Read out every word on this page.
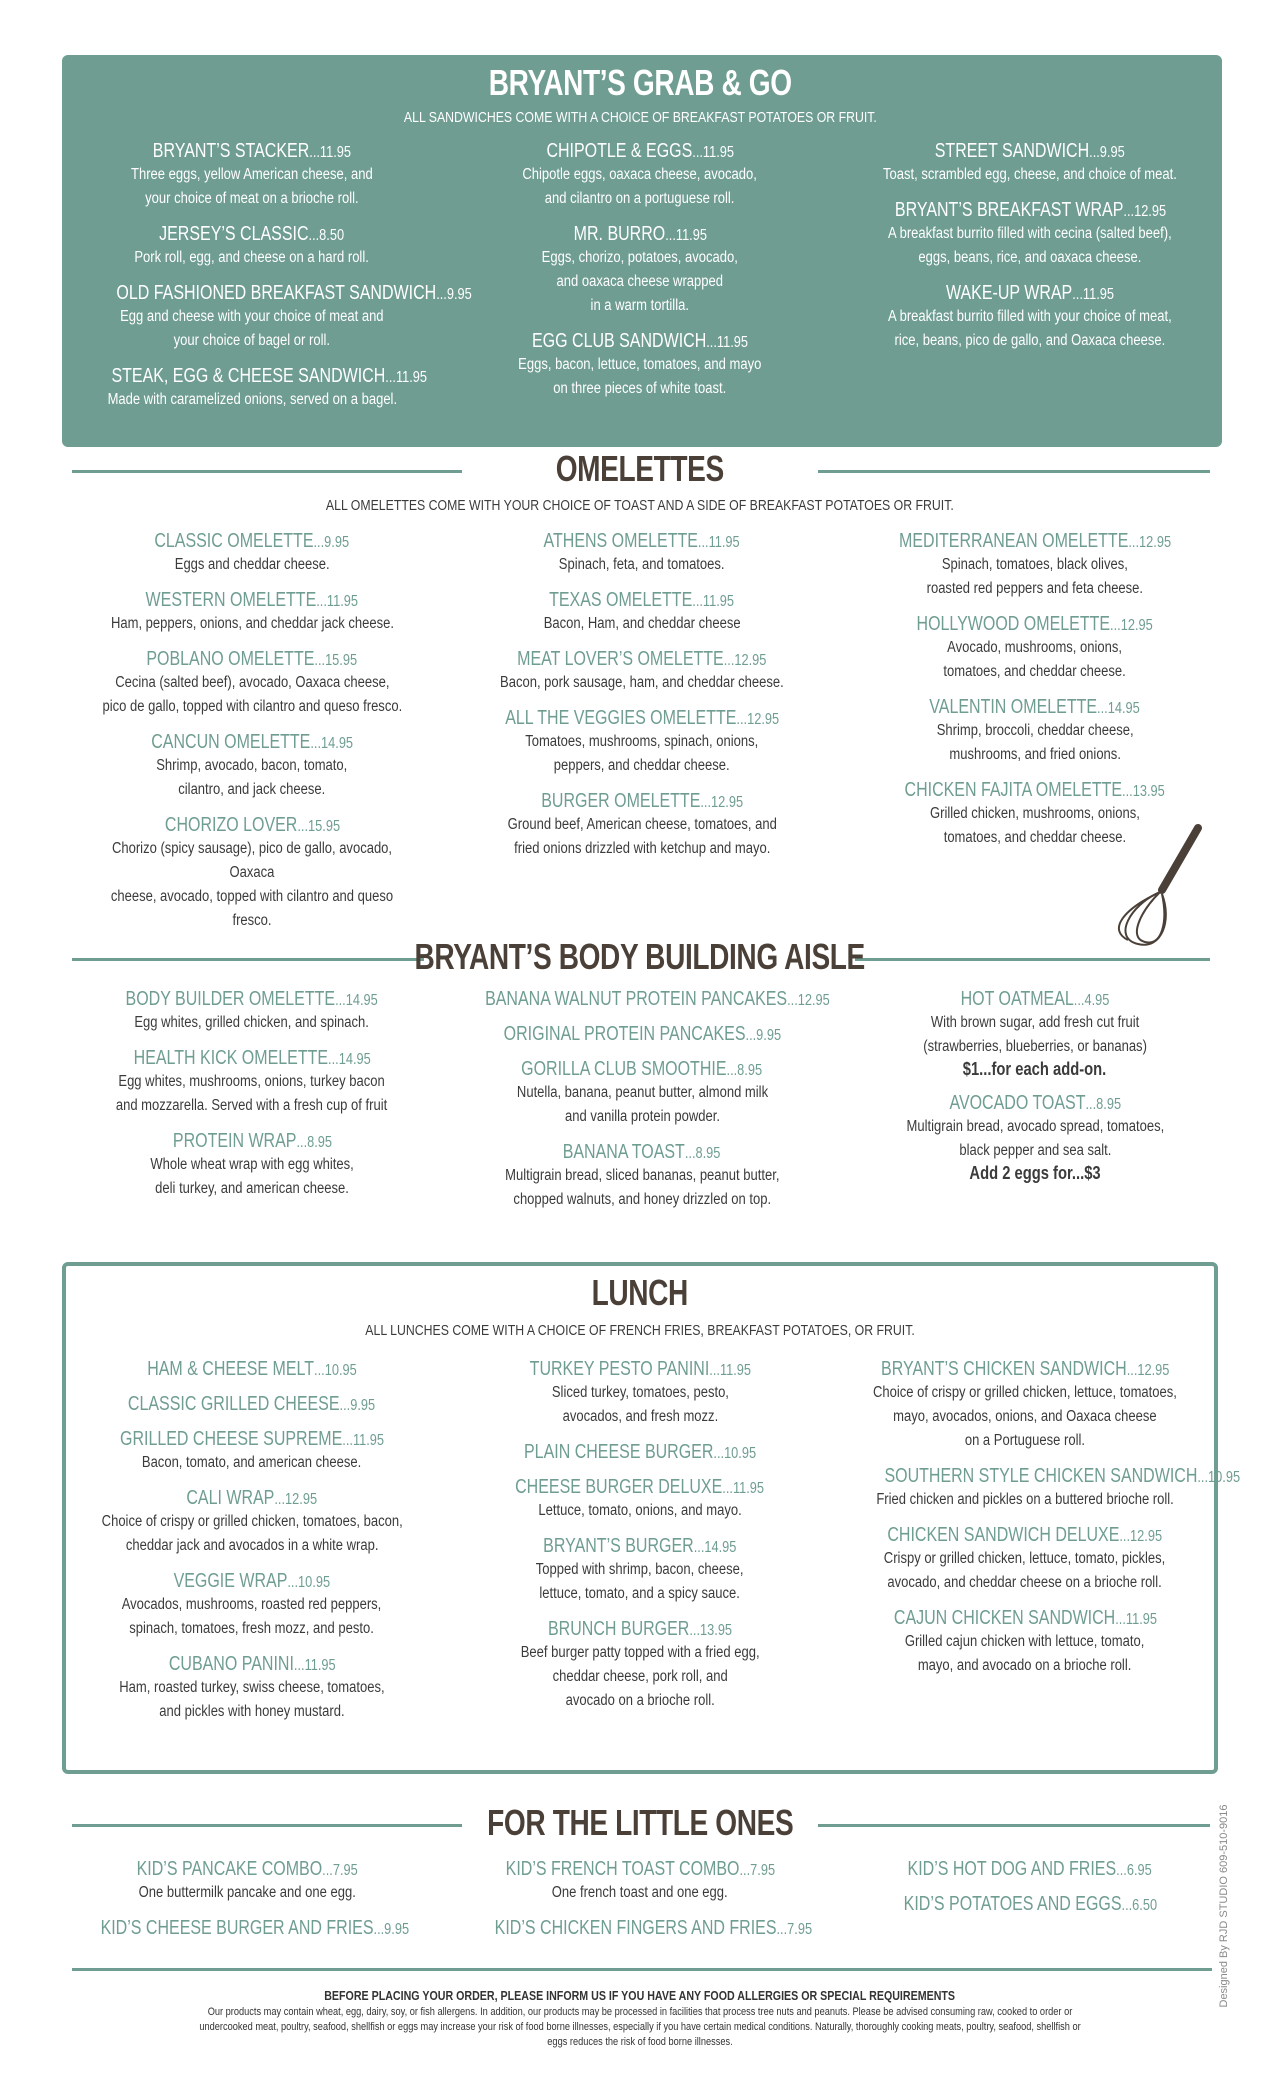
BRYANT’S GRAB & GO
ALL SANDWICHES COME WITH A CHOICE OF BREAKFAST POTATOES OR FRUIT.
BRYANT’S STACKER...11.95
Three eggs, yellow American cheese, and
your choice of meat on a brioche roll.
JERSEY’S CLASSIC...8.50
Pork roll, egg, and cheese on a hard roll.
OLD FASHIONED BREAKFAST SANDWICH...9.95
Egg and cheese with your choice of meat and
your choice of bagel or roll.
STEAK, EGG & CHEESE SANDWICH...11.95
Made with caramelized onions, served on a bagel.
CHIPOTLE & EGGS...11.95
Chipotle eggs, oaxaca cheese, avocado,
and cilantro on a portuguese roll.
MR. BURRO...11.95
Eggs, chorizo, potatoes, avocado,
and oaxaca cheese wrapped
in a warm tortilla.
EGG CLUB SANDWICH...11.95
Eggs, bacon, lettuce, tomatoes, and mayo
on three pieces of white toast.
STREET SANDWICH...9.95
Toast, scrambled egg, cheese, and choice of meat.
BRYANT’S BREAKFAST WRAP...12.95
A breakfast burrito filled with cecina (salted beef),
eggs, beans, rice, and oaxaca cheese.
WAKE-UP WRAP...11.95
A breakfast burrito filled with your choice of meat,
rice, beans, pico de gallo, and Oaxaca cheese.
OMELETTES
ALL OMELETTES COME WITH YOUR CHOICE OF TOAST AND A SIDE OF BREAKFAST POTATOES OR FRUIT.
CLASSIC OMELETTE...9.95
Eggs and cheddar cheese.
WESTERN OMELETTE...11.95
Ham, peppers, onions, and cheddar jack cheese.
POBLANO OMELETTE...15.95
Cecina (salted beef), avocado, Oaxaca cheese,
pico de gallo, topped with cilantro and queso fresco.
CANCUN OMELETTE...14.95
Shrimp, avocado, bacon, tomato,
cilantro, and jack cheese.
CHORIZO LOVER...15.95
Chorizo (spicy sausage), pico de gallo, avocado, Oaxaca
cheese, avocado, topped with cilantro and queso fresco.
ATHENS OMELETTE...11.95
Spinach, feta, and tomatoes.
TEXAS OMELETTE...11.95
Bacon, Ham, and cheddar cheese
MEAT LOVER’S OMELETTE...12.95
Bacon, pork sausage, ham, and cheddar cheese.
ALL THE VEGGIES OMELETTE...12.95
Tomatoes, mushrooms, spinach, onions,
peppers, and cheddar cheese.
BURGER OMELETTE...12.95
Ground beef, American cheese, tomatoes, and
fried onions drizzled with ketchup and mayo.
MEDITERRANEAN OMELETTE...12.95
Spinach, tomatoes, black olives,
roasted red peppers and feta cheese.
HOLLYWOOD OMELETTE...12.95
Avocado, mushrooms, onions,
tomatoes, and cheddar cheese.
VALENTIN OMELETTE...14.95
Shrimp, broccoli, cheddar cheese,
mushrooms, and fried onions.
CHICKEN FAJITA OMELETTE...13.95
Grilled chicken, mushrooms, onions,
tomatoes, and cheddar cheese.
BRYANT’S BODY BUILDING AISLE
BODY BUILDER OMELETTE...14.95
Egg whites, grilled chicken, and spinach.
HEALTH KICK OMELETTE...14.95
Egg whites, mushrooms, onions, turkey bacon
and mozzarella. Served with a fresh cup of fruit
PROTEIN WRAP...8.95
Whole wheat wrap with egg whites,
deli turkey, and american cheese.
BANANA WALNUT PROTEIN PANCAKES...12.95
ORIGINAL PROTEIN PANCAKES...9.95
GORILLA CLUB SMOOTHIE...8.95
Nutella, banana, peanut butter, almond milk
and vanilla protein powder.
BANANA TOAST...8.95
Multigrain bread, sliced bananas, peanut butter,
chopped walnuts, and honey drizzled on top.
HOT OATMEAL...4.95
With brown sugar, add fresh cut fruit
(strawberries, blueberries, or bananas)
$1...for each add-on.
AVOCADO TOAST...8.95
Multigrain bread, avocado spread, tomatoes,
black pepper and sea salt.
Add 2 eggs for...$3
LUNCH
ALL LUNCHES COME WITH A CHOICE OF FRENCH FRIES, BREAKFAST POTATOES, OR FRUIT.
HAM & CHEESE MELT...10.95
CLASSIC GRILLED CHEESE...9.95
GRILLED CHEESE SUPREME...11.95
Bacon, tomato, and american cheese.
CALI WRAP...12.95
Choice of crispy or grilled chicken, tomatoes, bacon,
cheddar jack and avocados in a white wrap.
VEGGIE WRAP...10.95
Avocados, mushrooms, roasted red peppers,
spinach, tomatoes, fresh mozz, and pesto.
CUBANO PANINI...11.95
Ham, roasted turkey, swiss cheese, tomatoes,
and pickles with honey mustard.
TURKEY PESTO PANINI...11.95
Sliced turkey, tomatoes, pesto,
avocados, and fresh mozz.
PLAIN CHEESE BURGER...10.95
CHEESE BURGER DELUXE...11.95
Lettuce, tomato, onions, and mayo.
BRYANT’S BURGER...14.95
Topped with shrimp, bacon, cheese,
lettuce, tomato, and a spicy sauce.
BRUNCH BURGER...13.95
Beef burger patty topped with a fried egg,
cheddar cheese, pork roll, and
avocado on a brioche roll.
BRYANT’S CHICKEN SANDWICH...12.95
Choice of crispy or grilled chicken, lettuce, tomatoes,
mayo, avocados, onions, and Oaxaca cheese
on a Portuguese roll.
SOUTHERN STYLE CHICKEN SANDWICH...10.95
Fried chicken and pickles on a buttered brioche roll.
CHICKEN SANDWICH DELUXE...12.95
Crispy or grilled chicken, lettuce, tomato, pickles,
avocado, and cheddar cheese on a brioche roll.
CAJUN CHICKEN SANDWICH...11.95
Grilled cajun chicken with lettuce, tomato,
mayo, and avocado on a brioche roll.
FOR THE LITTLE ONES
KID’S PANCAKE COMBO...7.95
One buttermilk pancake and one egg.
KID’S CHEESE BURGER AND FRIES...9.95
KID’S FRENCH TOAST COMBO...7.95
One french toast and one egg.
KID’S CHICKEN FINGERS AND FRIES...7.95
KID’S HOT DOG AND FRIES...6.95
KID’S POTATOES AND EGGS...6.50	Designed By RJD STUDIO 609-510-9016
BEFORE PLACING YOUR ORDER, PLEASE INFORM US IF YOU HAVE ANY FOOD ALLERGIES OR SPECIAL REQUIREMENTS
Our products may contain wheat, egg, dairy, soy, or fish allergens. In addition, our products may be processed in facilities that process tree nuts and peanuts. Please be advised consuming raw, cooked to order or undercooked meat, poultry, seafood, shellfish or eggs may increase your risk of food borne illnesses, especially if you have certain medical conditions. Naturally, thoroughly cooking meats, poultry, seafood, shellfish or eggs reduces the risk of food borne illnesses.
